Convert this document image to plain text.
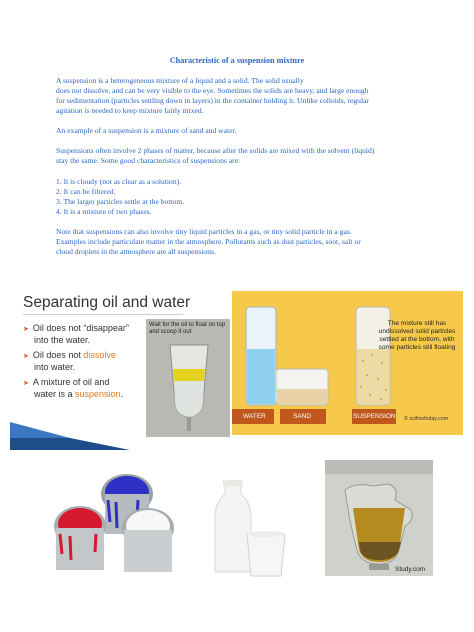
Characteristic of a suspension mixture
A suspension is a heterogeneous mixture of a liquid and a solid. The solid usually
does not dissolve, and can be very visible to the eye. Sometimes the solids are heavy, and large enough
for sedimentation (particles settling down in layers) in the container holding it. Unlike colloids, regular
agitation is needed to keep mixture fairly mixed.
An example of a suspension is a mixture of sand and water.
Suspensions often involve 2 phases of matter, because after the solids are mixed with the solvent (liquid)
stay the same. Some good characteristics of suspensions are:
1. It is cloudy (not as clear as a solution).
2. It can be filtered.
3. The larger particles settle at the bottom.
4. It is a mixture of two phases.
Note that suspensions can also involve tiny liquid particles in a gas, or tiny solid particle in a gas.
Examples include particulate matter in the atmosphere. Pollutants such as dust particles, soot, salt or
cloud droplets in the atmosphere are all suspensions.
Separating oil and water
➤ Oil does not “disappear”
into the water.
➤ Oil does not dissolve
into water.
➤ A mixture of oil and
water is a suspension.
Wait for the oil to float on top and scoop it out
WATER	SAND	SUSPENSION © scifixofoday.com
The mixture still has undissolved solid particles settled at the bottom, with some particles still floating
Study.com
